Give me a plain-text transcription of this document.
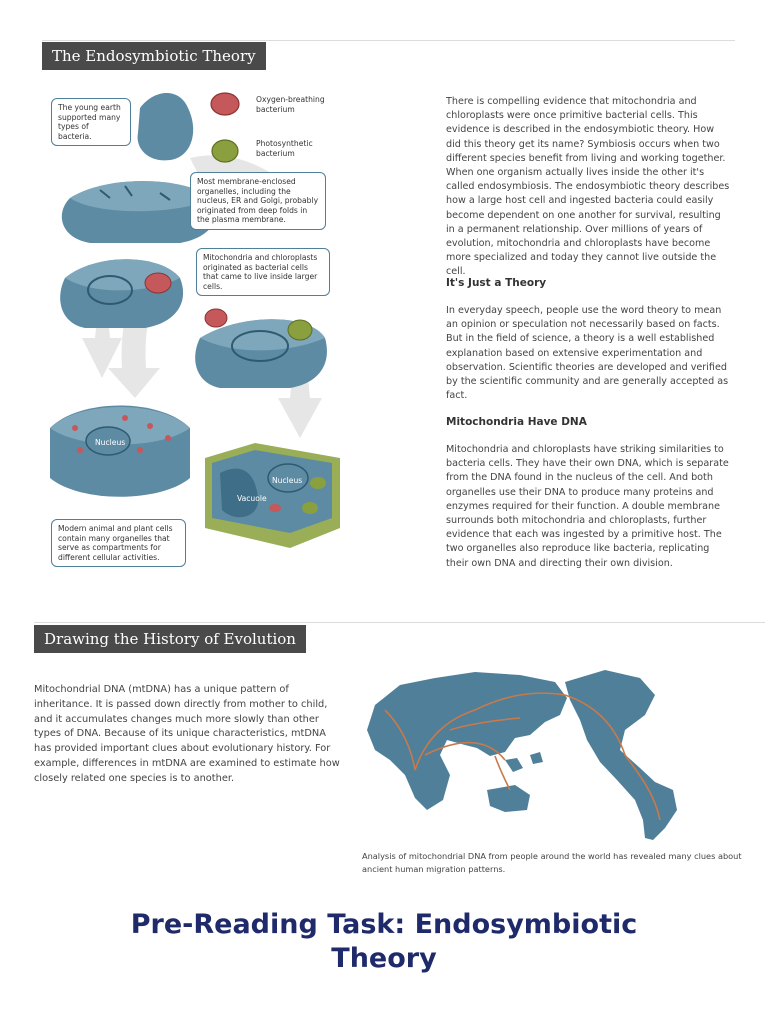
The Endosymbiotic Theory
The young earth supported many types of bacteria.
Oxygen-breathing bacterium
Photosynthetic bacterium
Most membrane-enclosed organelles, including the nucleus, ER and Golgi, probably originated from deep folds in the plasma membrane.
Mitochondria and chloroplasts originated as bacterial cells that came to live inside larger cells.
Nucleus
Nucleus
Vacuole
Modern animal and plant cells contain many organelles that serve as compartments for different cellular activities.

There is compelling evidence that mitochondria and chloroplasts were once primitive bacterial cells. This evidence is described in the endosymbiotic theory. How did this theory get its name? Symbiosis occurs when two different species benefit from living and working together. When one organism actually lives inside the other it's called endosymbiosis. The endosymbiotic theory describes how a large host cell and ingested bacteria could easily become dependent on one another for survival, resulting in a permanent relationship. Over millions of years of evolution, mitochondria and chloroplasts have become more specialized and today they cannot live outside the cell.

It's Just a Theory

In everyday speech, people use the word theory to mean an opinion or speculation not necessarily based on facts. But in the field of science, a theory is a well established explanation based on extensive experimentation and observation. Scientific theories are developed and verified by the scientific community and are generally accepted as fact.

Mitochondria Have DNA

Mitochondria and chloroplasts have striking similarities to bacteria cells. They have their own DNA, which is separate from the DNA found in the nucleus of the cell. And both organelles use their DNA to produce many proteins and enzymes required for their function. A double membrane surrounds both mitochondria and chloroplasts, further evidence that each was ingested by a primitive host. The two organelles also reproduce like bacteria, replicating their own DNA and directing their own division.

Drawing the History of Evolution

Mitochondrial DNA (mtDNA) has a unique pattern of inheritance. It is passed down directly from mother to child, and it accumulates changes much more slowly than other types of DNA. Because of its unique characteristics, mtDNA has provided important clues about evolutionary history. For example, differences in mtDNA are examined to estimate how closely related one species is to another.

Analysis of mitochondrial DNA from people around the world has revealed many clues about ancient human migration patterns.
Pre-Reading Task: Endosymbiotic Theory
